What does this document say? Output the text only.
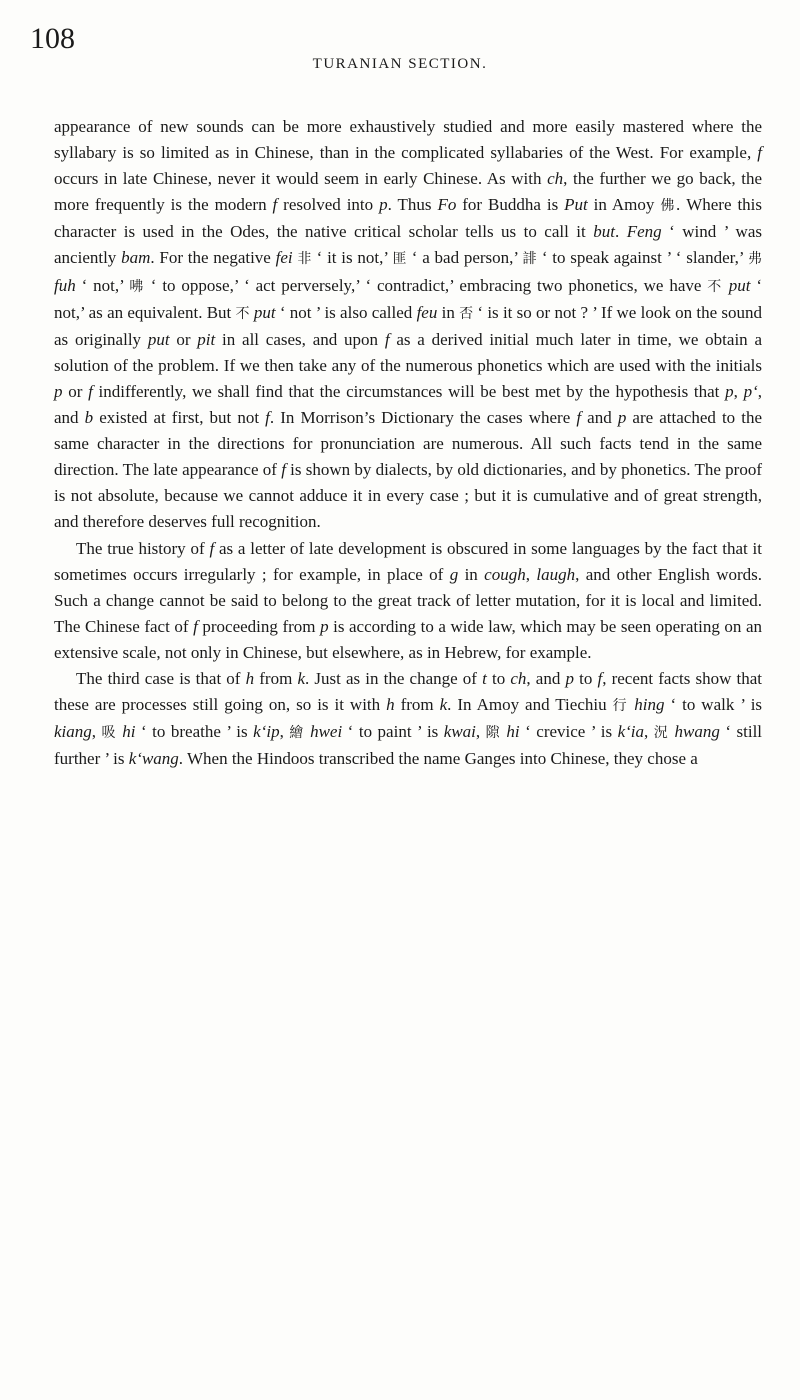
108
TURANIAN SECTION.

appearance of new sounds can be more exhaustively studied and more easily mastered where the syllabary is so limited as in Chinese, than in the complicated syllabaries of the West. For example, f occurs in late Chinese, never it would seem in early Chinese. As with ch, the further we go back, the more frequently is the modern f resolved into p. Thus Fo for Buddha is Put in Amoy 佛. Where this character is used in the Odes, the native critical scholar tells us to call it but. Feng ‘ wind ’ was anciently bam. For the negative fei 非 ‘ it is not,’ 匪 ‘ a bad person,’ 誹 ‘ to speak against ’ ‘ slander,’ 弗 fuh ‘ not,’ 咈 ‘ to oppose,’ ‘ act perversely,’ ‘ contradict,’ embracing two phonetics, we have 不 put ‘ not,’ as an equivalent. But 不 put ‘ not ’ is also called feu in 否 ‘ is it so or not ? ’ If we look on the sound as originally put or pit in all cases, and upon f as a derived initial much later in time, we obtain a solution of the problem. If we then take any of the numerous phonetics which are used with the initials p or f indifferently, we shall find that the circumstances will be best met by the hypothesis that p, p‘, and b existed at first, but not f. In Morrison’s Dictionary the cases where f and p are attached to the same character in the directions for pronunciation are numerous. All such facts tend in the same direction. The late appearance of f is shown by dialects, by old dictionaries, and by phonetics. The proof is not absolute, because we cannot adduce it in every case ; but it is cumulative and of great strength, and therefore deserves full recognition.

The true history of f as a letter of late development is obscured in some languages by the fact that it sometimes occurs irregularly ; for example, in place of g in cough, laugh, and other English words. Such a change cannot be said to belong to the great track of letter mutation, for it is local and limited. The Chinese fact of f proceeding from p is according to a wide law, which may be seen operating on an extensive scale, not only in Chinese, but elsewhere, as in Hebrew, for example.

The third case is that of h from k. Just as in the change of t to ch, and p to f, recent facts show that these are processes still going on, so is it with h from k. In Amoy and Tiechiu 行 hing ‘ to walk ’ is kiang, 吸 hi ‘ to breathe ’ is k‘ip, 繪 hwei ‘ to paint ’ is kwai, 隙 hi ‘ crevice ’ is k‘ia, 況 hwang ‘ still further ’ is k‘wang. When the Hindoos transcribed the name Ganges into Chinese, they chose a
